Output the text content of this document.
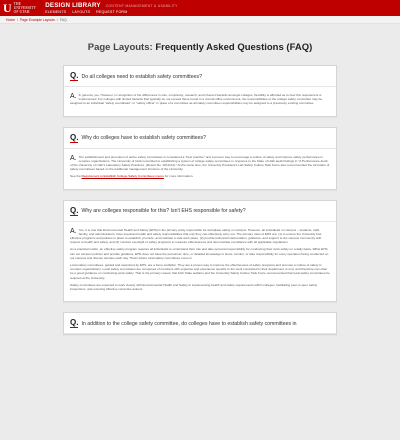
U THE
UNIVERSITY
OF UTAH
DESIGN LIBRARY CONTENT MANAGEMENT & USABILITY
ELEMENTS LAYOUTS REQUEST FORM
Home / Page Example Layouts / FAQ
Page Layouts: Frequently Asked Questions (FAQ)
Q. Do all colleges need to establish safety committees?
A. In general, yes. However, in recognition of the differences in size, complexity, research, and inherent hazards amongst colleges, flexibility is afforded as to how this requirement is implemented. For colleges with limited hazards that typically do not exceed those found in a normal office environment, the responsibilities of the college safety committee may be assigned to an individual "safety coordinator" or "safety officer" in place of a committee as all safety committee responsibilities may be assigned to a previously existing committee.

Q. Why do colleges have to establish safety committees?
A. The establishment and promotion of active safety committees is considered a "best practice" and a proven way to encourage a culture of safety and improve safety performance in complex organizations. The University of Utah committed to establishing a system of college safety committees in response to the State of Utah audit findings in "A Performance Audit of the University of Utah's Laboratory Safety Practices, (Report No. 2019-04)." At the same time, the University President's Lab Safety Culture Task Force also recommended the formation of safety committees based on the traditional management structure of the University.

See the Requirement to Establish College Safety Committees memo for more information.

Q. Why are colleges responsible for this? Isn't EHS responsible for safety?
A. Yes, it is true that Environmental Health and Safety (EHS) is the primary entity responsible for workplace safety on campus. However, all individuals on campus – students, staff, faculty, and administrators, have important health and safety responsibilities that only they can effectively carry out. The primary roles of EHS are: (1) to ensure the University has effective programs and policies in place to establish, promote, and maintain a safe work place, (2) provide technical interpretation, guidance, and support to the campus community with respect to health and safety, and (3) conduct oversight of safety programs to measure effectiveness and demonstrate compliance with all applicable regulations.

As a practical matter, an effective safety program requires all individuals to understand their role and take personal responsibility for conducting their work safely on a daily basis. While EHS can set campus policies and provide guidance, EHS does not have the personnel, time, or detailed knowledge to know, monitor, or take responsibility for every operation being conducted on our campus and diverse campus each day. That's where local safety committees come in.

Local safety committees, guided and supported by EHS, are a force-multiplier. They are a proven way to improve the effectiveness of safety programs and promote a culture of safety in complex organizations. Local safety committees are composed of members with expertise and experience specific to the work conducted in their department or unit, and therefore can often be a good guidance on conducting work safely. That is the primary reason that both State auditors and the University Safety Culture Task Force recommended that local safety committees be required at the University.

Safety committees are expected to work closely with Environmental Health and Safety in implementing health and safety requirements within colleges, facilitating peer-to-peer safety inspections, and ensuring effective corrective actions.

Q. In addition to the college safety committee, do colleges have to establish safety committees in
